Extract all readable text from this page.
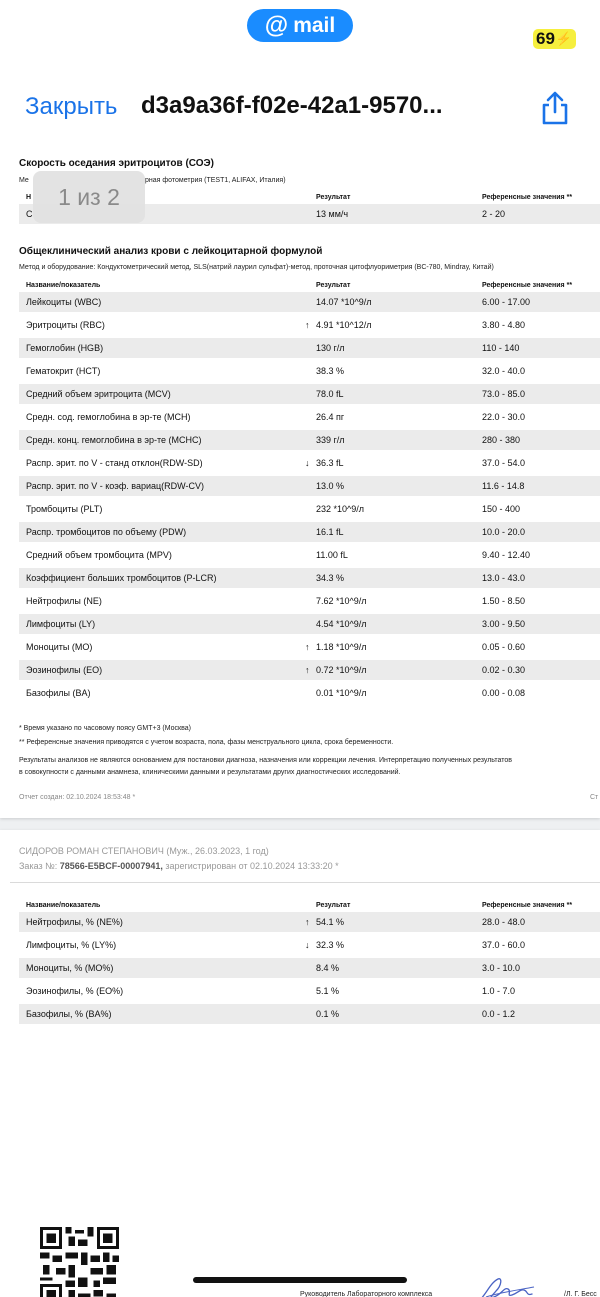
@ mail
69 ⚡
Закрыть d3a9a36f-f02e-42a1-9570...
Скорость оседания эритроцитов (СОЭ)
Ме	рная фотометрия (TEST1, ALIFAX, Италия)
Н	Результат	Референсные значения **
С	13 мм/ч	2 - 20
Общеклинический анализ крови с лейкоцитарной формулой
Метод и оборудование: Кондуктометрический метод, SLS(натрий лаурил сульфат)-метод, проточная цитофлуориметрия (BC-780, Mindray, Китай)
Название/показатель	Результат	Референсные значения **
Лейкоциты (WBC)	14.07 *10^9/л	6.00 - 17.00
Эритроциты (RBC)	↑ 4.91 *10^12/л	3.80 - 4.80
Гемоглобин (HGB)	130 г/л	110 - 140
Гематокрит (HCT)	38.3 %	32.0 - 40.0
Средний объем эритроцита (MCV)	78.0 fL	73.0 - 85.0
Средн. сод. гемоглобина в эр-те (MCH)	26.4 пг	22.0 - 30.0
Средн. конц. гемоглобина в эр-те (MCHC)	339 г/л	280 - 380
Распр. эрит. по V - станд отклон(RDW-SD)	↓ 36.3 fL	37.0 - 54.0
Распр. эрит. по V - коэф. вариац(RDW-CV)	13.0 %	11.6 - 14.8
Тромбоциты (PLT)	232 *10^9/л	150 - 400
Распр. тромбоцитов по объему (PDW)	16.1 fL	10.0 - 20.0
Средний объем тромбоцита (MPV)	11.00 fL	9.40 - 12.40
Коэффициент больших тромбоцитов (P-LCR)	34.3 %	13.0 - 43.0
Нейтрофилы (NE)	7.62 *10^9/л	1.50 - 8.50
Лимфоциты (LY)	4.54 *10^9/л	3.00 - 9.50
Моноциты (MO)	↑ 1.18 *10^9/л	0.05 - 0.60
Эозинофилы (EO)	↑ 0.72 *10^9/л	0.02 - 0.30
Базофилы (BA)	0.01 *10^9/л	0.00 - 0.08
* Время указано по часовому поясу GMT+3 (Москва)
** Референсные значения приводятся с учетом возраста, пола, фазы менструального цикла, срока беременности.
Результаты анализов не являются основанием для постановки диагноза, назначения или коррекции лечения. Интерпретацию полученных результатов
в совокупности с данными анамнеза, клиническими данными и результатами других диагностических исследований.
Отчет создан: 02.10.2024 18:53:48 *	Ст
1 из 2
СИДОРОВ РОМАН СТЕПАНОВИЧ (Муж., 26.03.2023, 1 год)
Заказ №: 78566-E5BCF-00007941, зарегистрирован от 02.10.2024 13:33:20 *
Название/показатель	Результат	Референсные значения **
Нейтрофилы, % (NE%)	↑ 54.1 %	28.0 - 48.0
Лимфоциты, % (LY%)	↓ 32.3 %	37.0 - 60.0
Моноциты, % (MO%)	8.4 %	3.0 - 10.0
Эозинофилы, % (EO%)	5.1 %	1.0 - 7.0
Базофилы, % (BA%)	0.1 %	0.0 - 1.2
Руководитель Лабораторного комплекса	/Л. Г. Бесс
